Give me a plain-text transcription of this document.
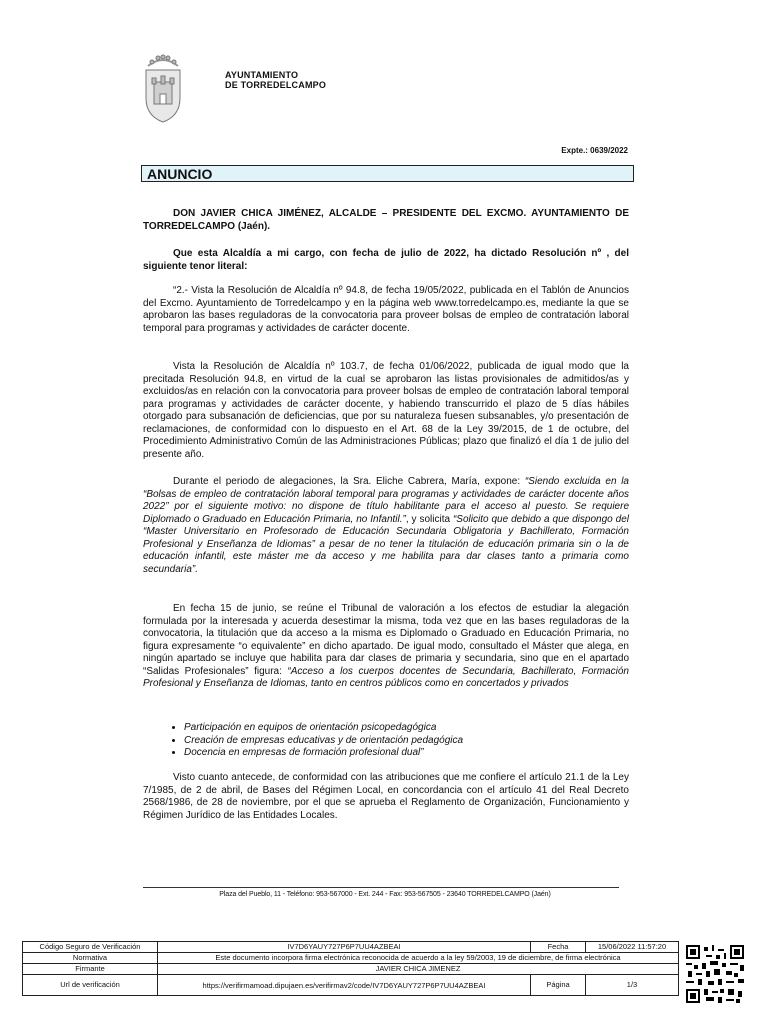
AYUNTAMIENTO
DE TORREDELCAMPO
Expte.: 0639/2022
ANUNCIO

DON JAVIER CHICA JIMÉNEZ, ALCALDE – PRESIDENTE DEL EXCMO. AYUNTAMIENTO DE TORREDELCAMPO (Jaén).

Que esta Alcaldía a mi cargo, con fecha de julio de 2022, ha dictado Resolución nº , del siguiente tenor literal:

“2.- Vista la Resolución de Alcaldía nº 94.8, de fecha 19/05/2022, publicada en el Tablón de Anuncios del Excmo. Ayuntamiento de Torredelcampo y en la página web www.torredelcampo.es, mediante la que se aprobaron las bases reguladoras de la convocatoria para proveer bolsas de empleo de contratación laboral temporal para programas y actividades de carácter docente.

Vista la Resolución de Alcaldía nº 103.7, de fecha 01/06/2022, publicada de igual modo que la precitada Resolución 94.8, en virtud de la cual se aprobaron las listas provisionales de admitidos/as y excluidos/as en relación con la convocatoria para proveer bolsas de empleo de contratación laboral temporal para programas y actividades de carácter docente, y habiendo transcurrido el plazo de 5 días hábiles otorgado para subsanación de deficiencias, que por su naturaleza fuesen subsanables, y/o presentación de reclamaciones, de conformidad con lo dispuesto en el Art. 68 de la Ley 39/2015, de 1 de octubre, del Procedimiento Administrativo Común de las Administraciones Públicas; plazo que finalizó el día 1 de julio del presente año.

Durante el periodo de alegaciones, la Sra. Eliche Cabrera, María, expone: “Siendo excluida en la “Bolsas de empleo de contratación laboral temporal para programas y actividades de carácter docente años 2022” por el siguiente motivo: no dispone de título habilitante para el acceso al puesto. Se requiere Diplomado o Graduado en Educación Primaria, no Infantil.”, y solicita “Solicito que debido a que dispongo del “Master Universitario en Profesorado de Educación Secundaria Obligatoria y Bachillerato, Formación Profesional y Enseñanza de Idiomas” a pesar de no tener la titulación de educación primaria sin o la de educación infantil, este máster me da acceso y me habilita para dar clases tanto a primaria como secundaria”.

En fecha 15 de junio, se reúne el Tribunal de valoración a los efectos de estudiar la alegación formulada por la interesada y acuerda desestimar la misma, toda vez que en las bases reguladoras de la convocatoria, la titulación que da acceso a la misma es Diplomado o Graduado en Educación Primaria, no figura expresamente “o equivalente” en dicho apartado. De igual modo, consultado el Máster que alega, en ningún apartado se incluye que habilita para dar clases de primaria y secundaria, sino que en el apartado “Salidas Profesionales” figura: “Acceso a los cuerpos docentes de Secundaria, Bachillerato, Formación Profesional y Enseñanza de Idiomas, tanto en centros públicos como en concertados y privados

• Participación en equipos de orientación psicopedagógica
• Creación de empresas educativas y de orientación pedagógica
• Docencia en empresas de formación profesional dual”

Visto cuanto antecede, de conformidad con las atribuciones que me confiere el artículo 21.1 de la Ley 7/1985, de 2 de abril, de Bases del Régimen Local, en concordancia con el artículo 41 del Real Decreto 2568/1986, de 28 de noviembre, por el que se aprueba el Reglamento de Organización, Funcionamiento y Régimen Jurídico de las Entidades Locales.

Plaza del Pueblo, 11 - Teléfono: 953-567000 - Ext. 244 - Fax: 953-567505 - 23640 TORREDELCAMPO (Jaén)
Código Seguro de Verificación	IV7D6YAUY727P6P7UU4AZBEAI	Fecha	15/06/2022 11:57:20
Normativa	Este documento incorpora firma electrónica reconocida de acuerdo a la ley 59/2003, 19 de diciembre, de firma electrónica		
Firmante	JAVIER CHICA JIMENEZ		
Url de verificación	https://verifirmamoad.dipujaen.es/verifirmav2/code/IV7D6YAUY727P6P7UU4AZBEAI	Página	1/3
